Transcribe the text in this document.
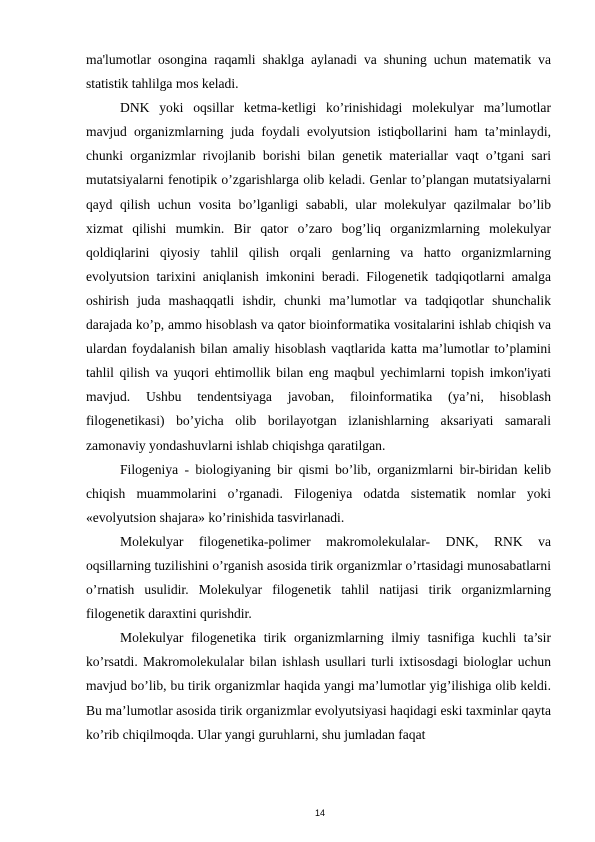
ma'lumotlar osongina raqamli shaklga aylanadi va shuning uchun matematik va statistik tahlilga mos keladi.

DNK yoki oqsillar ketma-ketligi ko’rinishidagi molekulyar ma’lumotlar mavjud organizmlarning juda foydali evolyutsion istiqbollarini ham ta’minlaydi, chunki organizmlar rivojlanib borishi bilan genetik materiallar vaqt o’tgani sari mutatsiyalarni fenotipik o’zgarishlarga olib keladi. Genlar to’plangan mutatsiyalarni qayd qilish uchun vosita bo’lganligi sababli, ular molekulyar qazilmalar bo’lib xizmat qilishi mumkin. Bir qator o’zaro bog’liq organizmlarning molekulyar qoldiqlarini qiyosiy tahlil qilish orqali genlarning va hatto organizmlarning evolyutsion tarixini aniqlanish imkonini beradi. Filogenetik tadqiqotlarni amalga oshirish juda mashaqqatli ishdir, chunki ma’lumotlar va tadqiqotlar shunchalik darajada ko’p, ammo hisoblash va qator bioinformatika vositalarini ishlab chiqish va ulardan foydalanish bilan amaliy hisoblash vaqtlarida katta ma’lumotlar to’plamini tahlil qilish va yuqori ehtimollik bilan eng maqbul yechimlarni topish imkon'iyati mavjud. Ushbu tendentsiyaga javoban, filoinformatika (ya’ni, hisoblash filogenetikasi) bo’yicha olib borilayotgan izlanishlarning aksariyati samarali zamonaviy yondashuvlarni ishlab chiqishga qaratilgan.

Filogeniya - biologiyaning bir qismi bo’lib, organizmlarni bir-biridan kelib chiqish muammolarini o’rganadi. Filogeniya odatda sistematik nomlar yoki «evolyutsion shajara» ko’rinishida tasvirlanadi.

Molekulyar filogenetika-polimer makromolekulalar- DNK, RNK va oqsillarning tuzilishini o’rganish asosida tirik organizmlar o’rtasidagi munosabatlarni o’rnatish usulidir. Molekulyar filogenetik tahlil natijasi tirik organizmlarning filogenetik daraxtini qurishdir.

Molekulyar filogenetika tirik organizmlarning ilmiy tasnifiga kuchli ta’sir ko’rsatdi. Makromolekulalar bilan ishlash usullari turli ixtisosdagi biologlar uchun mavjud bo’lib, bu tirik organizmlar haqida yangi ma’lumotlar yig’ilishiga olib keldi. Bu ma’lumotlar asosida tirik organizmlar evolyutsiyasi haqidagi eski taxminlar qayta ko’rib chiqilmoqda. Ular yangi guruhlarni, shu jumladan faqat

14
